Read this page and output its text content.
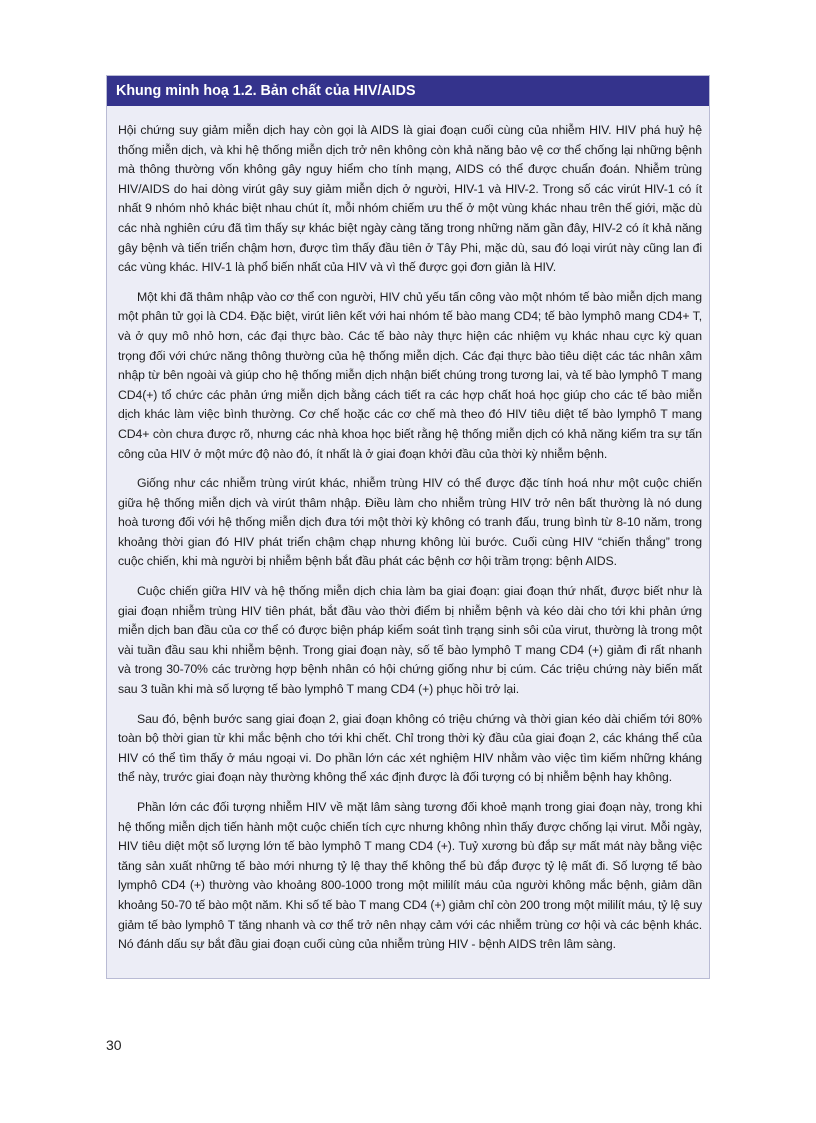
Khung minh hoạ 1.2. Bản chất của HIV/AIDS

Hội chứng suy giảm miễn dịch hay còn gọi là AIDS là giai đoạn cuối cùng của nhiễm HIV. HIV phá huỷ hệ thống miễn dịch, và khi hệ thống miễn dịch trở nên không còn khả năng bảo vệ cơ thể chống lại những bệnh mà thông thường vốn không gây nguy hiểm cho tính mạng, AIDS có thể được chuẩn đoán. Nhiễm trùng HIV/AIDS do hai dòng virút gây suy giảm miễn dịch ở người, HIV-1 và HIV-2. Trong số các virút HIV-1 có ít nhất 9 nhóm nhỏ khác biệt nhau chút ít, mỗi nhóm chiếm ưu thế ở một vùng khác nhau trên thế giới, mặc dù các nhà nghiên cứu đã tìm thấy sự khác biệt ngày càng tăng trong những năm gần đây, HIV-2 có ít khả năng gây bệnh và tiến triển chậm hơn, được tìm thấy đầu tiên ở Tây Phi, mặc dù, sau đó loại virút này cũng lan đi các vùng khác. HIV-1 là phổ biến nhất của HIV và vì thế được gọi đơn giản là HIV.

Một khi đã thâm nhập vào cơ thể con người, HIV chủ yếu tấn công vào một nhóm tế bào miễn dịch mang một phân tử gọi là CD4. Đặc biệt, virút liên kết với hai nhóm tế bào mang CD4; tế bào lymphô mang CD4+ T, và ở quy mô nhỏ hơn, các đại thực bào. Các tế bào này thực hiện các nhiệm vụ khác nhau cực kỳ quan trọng đối với chức năng thông thường của hệ thống miễn dịch. Các đại thực bào tiêu diệt các tác nhân xâm nhập từ bên ngoài và giúp cho hệ thống miễn dịch nhận biết chúng trong tương lai, và tế bào lymphô T mang CD4(+) tổ chức các phản ứng miễn dịch bằng cách tiết ra các hợp chất hoá học giúp cho các tế bào miễn dịch khác làm việc bình thường. Cơ chế hoặc các cơ chế mà theo đó HIV tiêu diệt tế bào lymphô T mang CD4+ còn chưa được rõ, nhưng các nhà khoa học biết rằng hệ thống miễn dịch có khả năng kiểm tra sự tấn công của HIV ở một mức độ nào đó, ít nhất là ở giai đoạn khởi đầu của thời kỳ nhiễm bệnh.

Giống như các nhiễm trùng virút khác, nhiễm trùng HIV có thể được đặc tính hoá như một cuộc chiến giữa hệ thống miễn dịch và virút thâm nhập. Điều làm cho nhiễm trùng HIV trở nên bất thường là nó dung hoà tương đối với hệ thống miễn dịch đưa tới một thời kỳ không có tranh đấu, trung bình từ 8-10 năm, trong khoảng thời gian đó HIV phát triển chậm chạp nhưng không lùi bước. Cuối cùng HIV “chiến thắng” trong cuộc chiến, khi mà người bị nhiễm bệnh bắt đầu phát các bệnh cơ hội trầm trọng: bệnh AIDS.

Cuộc chiến giữa HIV và hệ thống miễn dịch chia làm ba giai đoạn: giai đoạn thứ nhất, được biết như là giai đoạn nhiễm trùng HIV tiên phát, bắt đầu vào thời điểm bị nhiễm bệnh và kéo dài cho tới khi phản ứng miễn dịch ban đầu của cơ thể có được biện pháp kiểm soát tình trạng sinh sôi của virut, thường là trong một vài tuần đầu sau khi nhiễm bệnh. Trong giai đoạn này, số tế bào lymphô T mang CD4 (+) giảm đi rất nhanh và trong 30-70% các trường hợp bệnh nhân có hội chứng giống như bị cúm. Các triệu chứng này biến mất sau 3 tuần khi mà số lượng tế bào lymphô T mang CD4 (+) phục hồi trở lại.

Sau đó, bệnh bước sang giai đoạn 2, giai đoạn không có triệu chứng và thời gian kéo dài chiếm tới 80% toàn bộ thời gian từ khi mắc bệnh cho tới khi chết. Chỉ trong thời kỳ đầu của giai đoạn 2, các kháng thể của HIV có thể tìm thấy ở máu ngoại vi. Do phần lớn các xét nghiệm HIV nhằm vào việc tìm kiếm những kháng thể này, trước giai đoạn này thường không thể xác định được là đối tượng có bị nhiễm bệnh hay không.

Phần lớn các đối tượng nhiễm HIV về mặt lâm sàng tương đối khoẻ mạnh trong giai đoạn này, trong khi hệ thống miễn dịch tiến hành một cuộc chiến tích cực nhưng không nhìn thấy được chống lại virut. Mỗi ngày, HIV tiêu diệt một số lượng lớn tế bào lymphô T mang CD4 (+). Tuỷ xương bù đắp sự mất mát này bằng việc tăng sản xuất những tế bào mới nhưng tỷ lệ thay thế không thể bù đắp được tỷ lệ mất đi. Số lượng tế bào lymphô CD4 (+) thường vào khoảng 800-1000 trong một mililít máu của người không mắc bệnh, giảm dần khoảng 50-70 tế bào một năm. Khi số tế bào T mang CD4 (+) giảm chỉ còn 200 trong một mililít máu, tỷ lệ suy giảm tế bào lymphô T tăng nhanh và cơ thể trở nên nhạy cảm với các nhiễm trùng cơ hội và các bệnh khác. Nó đánh dấu sự bắt đầu giai đoạn cuối cùng của nhiễm trùng HIV - bệnh AIDS trên lâm sàng.

30
